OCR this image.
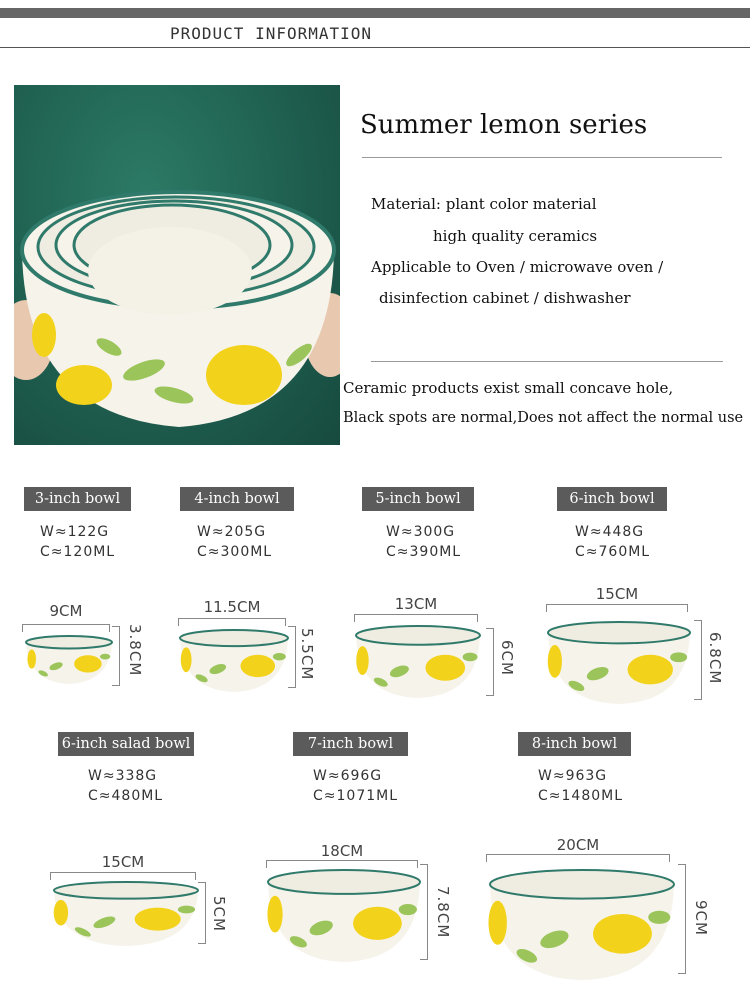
PRODUCT INFORMATION
Summer lemon series
Material: plant color material
high quality ceramics
Applicable to Oven / microwave oven /
disinfection cabinet / dishwasher
Ceramic products exist small concave hole,
Black spots are normal,Does not affect the normal use
3-inch bowl
W≈122G
C≈120ML
4-inch bowl
W≈205G
C≈300ML
5-inch bowl
W≈300G
C≈390ML
6-inch bowl
W≈448G
C≈760ML
9CM
3.8CM
11.5CM
5.5CM
13CM
6CM
15CM
6.8CM
6-inch salad bowl
W≈338G
C≈480ML
7-inch bowl
W≈696G
C≈1071ML
8-inch bowl
W≈963G
C≈1480ML
15CM
5CM
18CM
7.8CM
20CM
9CM
